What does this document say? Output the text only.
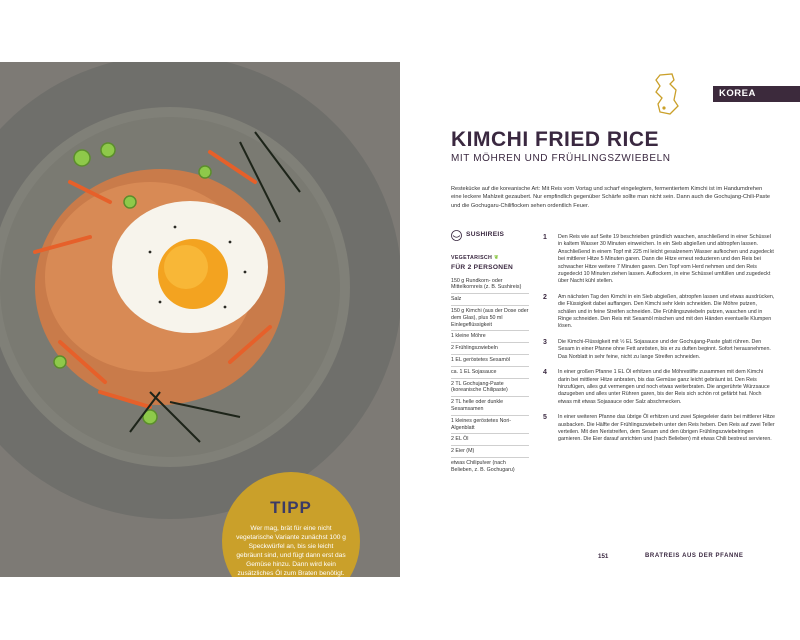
TIPP
Wer mag, brät für eine nicht vegetarische Variante zunächst 100 g Speckwürfel an, bis sie leicht gebräunt sind, und fügt dann erst das Gemüse hinzu. Dann wird kein zusätzliches Öl zum Braten benötigt.
KOREA
KIMCHI FRIED RICE
MIT MÖHREN UND FRÜHLINGSZWIEBELN
Restekücke auf die koreanische Art: Mit Reis vom Vortag und scharf eingelegtem, fermentiertem Kimchi ist im Handumdrehen eine leckere Mahlzeit gezaubert. Nur empfindlich gegenüber Schärfe sollte man nicht sein. Dann auch die Gochujang-Chili-Paste und die Gochugaru-Chiliflocken sehen ordentlich Feuer.
SUSHIREIS
VEGETARISCH ❦
FÜR 2 PERSONEN
150 g Rundkorn- oder Mittelkornreis (z. B. Sushireis)
Salz
150 g Kimchi (aus der Dose oder dem Glas), plus 50 ml Einlegeflüssigkeit
1 kleine Möhre
2 Frühlingszwiebeln
1 EL geröstetes Sesamöl
ca. 1 EL Sojasauce
2 TL Gochujang-Paste (koreanische Chilipaste)
2 TL helle oder dunkle Sesamsamen
1 kleines geröstetes Nori-Algenblatt
2 EL Öl
2 Eier (M)
etwas Chilipulver (nach Belieben, z. B. Gochugaru)
1	Den Reis wie auf Seite 19 beschrieben gründlich waschen, anschließend in einer Schüssel in kaltem Wasser 30 Minuten einweichen. In ein Sieb abgießen und abtropfen lassen. Anschließend in einem Topf mit 225 ml leicht gesalzenem Wasser aufkochen und zugedeckt bei mittlerer Hitze 5 Minuten garen. Dann die Hitze erneut reduzieren und den Reis bei schwacher Hitze weitere 7 Minuten garen. Den Topf vom Herd nehmen und den Reis zugedeckt 10 Minuten ziehen lassen. Auflockern, in eine Schüssel umfüllen und zugedeckt über Nacht kühl stellen.
2	Am nächsten Tag den Kimchi in ein Sieb abgießen, abtropfen lassen und etwas ausdrücken, die Flüssigkeit dabei auffangen. Den Kimchi sehr klein schneiden. Die Möhre putzen, schälen und in feine Streifen schneiden. Die Frühlingszwiebeln putzen, waschen und in Ringe schneiden. Den Reis mit Sesamöl mischen und mit den Händen eventuelle Klumpen lösen.
3	Die Kimchi-Flüssigkeit mit ½ EL Sojasauce und der Gochujang-Paste glatt rühren. Den Sesam in einer Pfanne ohne Fett anrösten, bis er zu duften beginnt. Sofort herausnehmen. Das Norblatt in sehr feine, nicht zu lange Streifen schneiden.
4	In einer großen Pfanne 1 EL Öl erhitzen und die Möhrestifte zusammen mit dem Kimchi darin bei mittlerer Hitze anbraten, bis das Gemüse ganz leicht gebräunt ist. Den Reis hinzufügen, alles gut vermengen und noch etwas weiterbraten. Die angerührte Würzsauce dazugeben und alles unter Rühren garen, bis der Reis sich schön rot gefärbt hat. Noch etwas mit etwas Sojasauce oder Salz abschmecken.
5	In einer weiteren Pfanne das übrige Öl erhitzen und zwei Spiegeleier darin bei mittlerer Hitze ausbacken. Die Hälfte der Frühlingszwiebeln unter den Reis heben. Den Reis auf zwei Teller verteilen. Mit den Neristreifen, dem Sesam und den übrigen Frühlingszwiebelringen garnieren. Die Eier darauf anrichten und (nach Belieben) mit etwas Chili bestreut servieren.
151	BRATREIS AUS DER PFANNE
